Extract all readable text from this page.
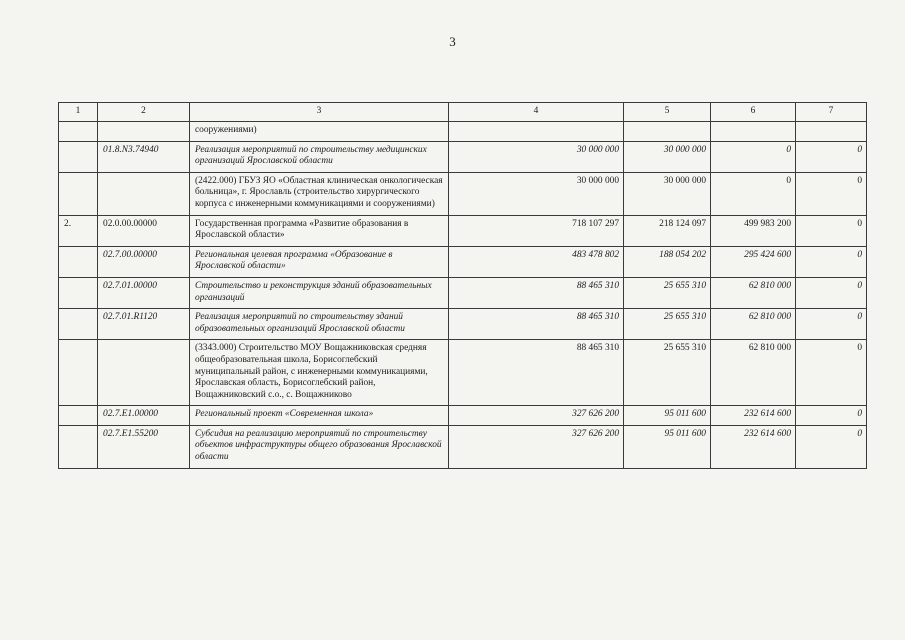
3
1	2	3	4	5	6	7
		сооружениями)				
	01.8.N3.74940	Реализация мероприятий по строительству медицинских организаций Ярославской области	30 000 000	30 000 000	0	0
		(2422.000) ГБУЗ ЯО «Областная клиническая онкологическая больница», г. Ярославль (строительство хирургического корпуса с инженерными коммуникациями и сооружениями)	30 000 000	30 000 000	0	0
2.	02.0.00.00000	Государственная программа «Развитие образования в Ярославской области»	718 107 297	218 124 097	499 983 200	0
	02.7.00.00000	Региональная целевая программа «Образование в Ярославской области»	483 478 802	188 054 202	295 424 600	0
	02.7.01.00000	Строительство и реконструкция зданий образовательных организаций	88 465 310	25 655 310	62 810 000	0
	02.7.01.R1120	Реализация мероприятий по строительству зданий образовательных организаций Ярославской области	88 465 310	25 655 310	62 810 000	0
		(3343.000) Строительство МОУ Вощажниковская средняя общеобразовательная школа, Борисоглебский муниципальный район, с инженерными коммуникациями, Ярославская область, Борисоглебский район, Вощажниковский с.о., с. Вощажниково	88 465 310	25 655 310	62 810 000	0
	02.7.E1.00000	Региональный проект «Современная школа»	327 626 200	95 011 600	232 614 600	0
	02.7.E1.55200	Субсидия на реализацию мероприятий по строительству объектов инфраструктуры общего образования Ярославской области	327 626 200	95 011 600	232 614 600	0
